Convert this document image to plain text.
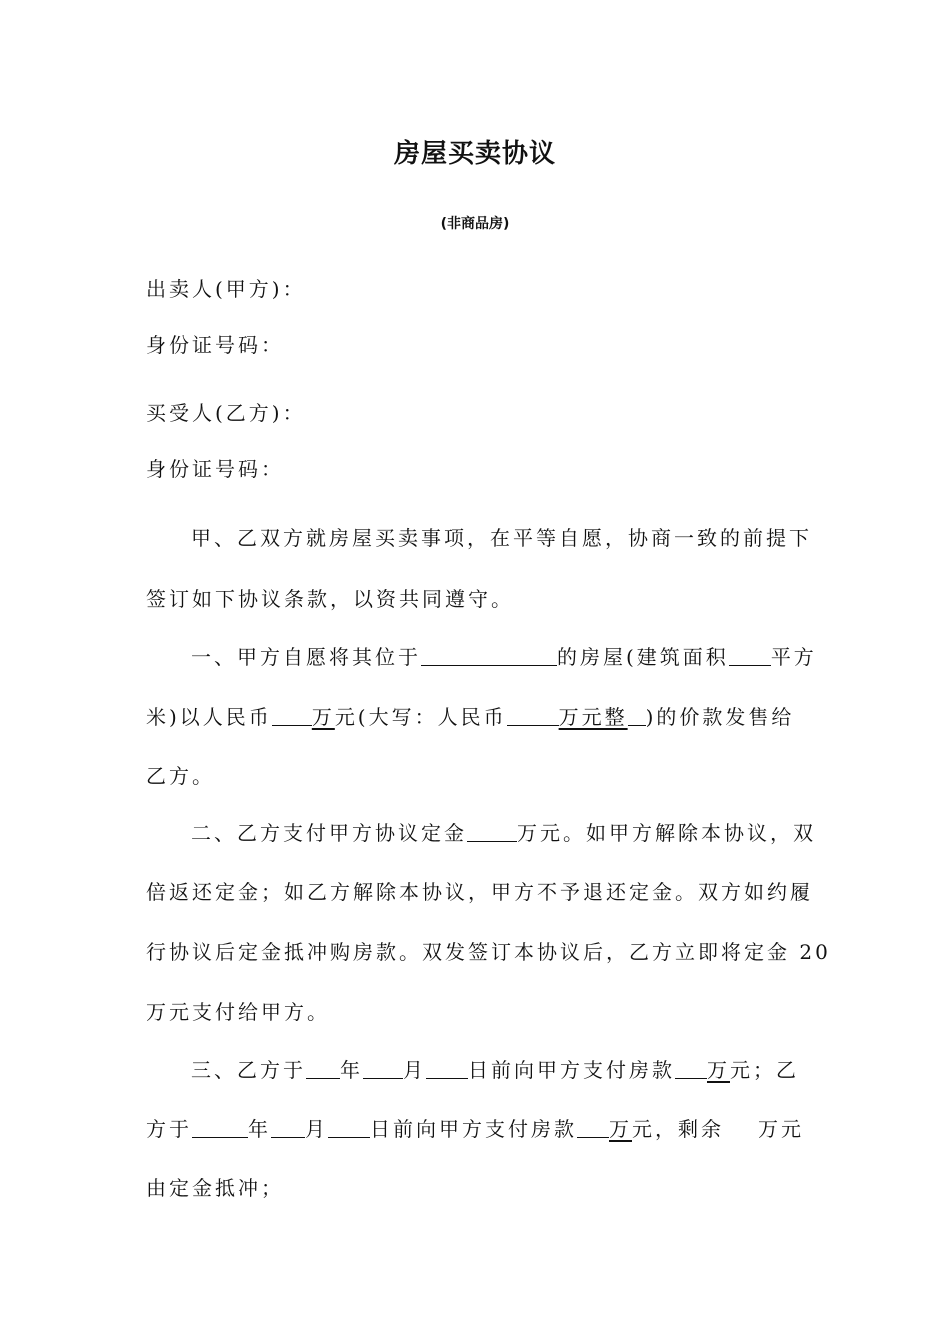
房屋买卖协议
(非商品房)
出卖人(甲方)：
身份证号码：
买受人(乙方)：
身份证号码：
甲、乙双方就房屋买卖事项，在平等自愿，协商一致的前提下
签订如下协议条款，以资共同遵守。
一、甲方自愿将其位于	的房屋(建筑面积 平方
米)以人民币 万元(大写：人民币	万元整 )的价款发售给
乙方。
二、乙方支付甲方协议定金	万元。如甲方解除本协议，双
倍返还定金；如乙方解除本协议，甲方不予退还定金。双方如约履
行协议后定金抵冲购房款。双发签订本协议后，乙方立即将定金 20
万元支付给甲方。
三、乙方于 年 月 日前向甲方支付房款 万元；乙
方于	年 月 日前向甲方支付房款 万元，剩余 万元
由定金抵冲；
